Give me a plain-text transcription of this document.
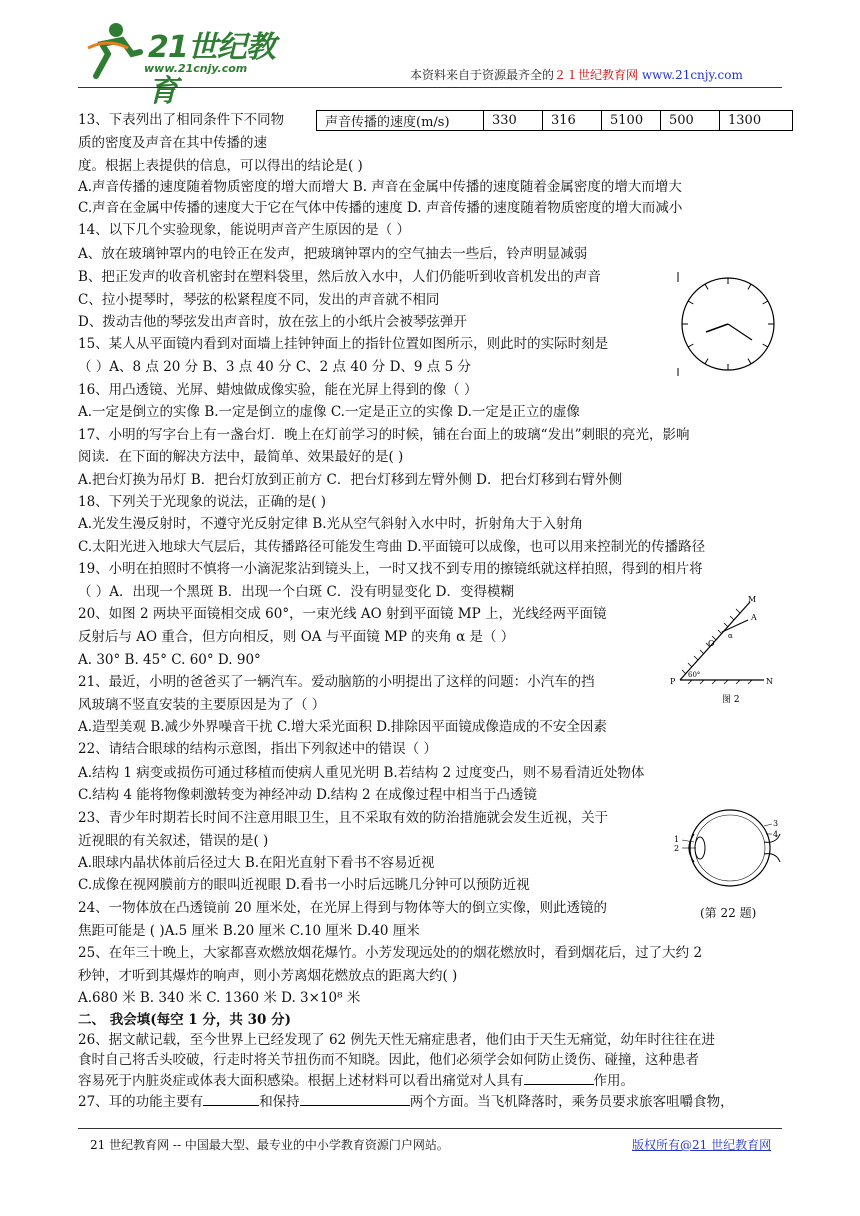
21世纪教育
www.21cnjy.com	本资料来自于资源最齐全的２１世纪教育网 www.21cnjy.com
声音传播的速度(m/s)	330	316	5100	500	1300
13、下表列出了相同条件下不同物
质的密度及声音在其中传播的速
度。根据上表提供的信息，可以得出的结论是( )
A.声音传播的速度随着物质密度的增大而增大 B. 声音在金属中传播的速度随着金属密度的增大而增大
C.声音在金属中传播的速度大于它在气体中传播的速度 D. 声音传播的速度随着物质密度的增大而减小
14、以下几个实验现象，能说明声音产生原因的是（ ）
A、放在玻璃钟罩内的电铃正在发声，把玻璃钟罩内的空气抽去一些后，铃声明显减弱
B、把正发声的收音机密封在塑料袋里，然后放入水中，人们仍能听到收音机发出的声音
C、拉小提琴时，琴弦的松紧程度不同，发出的声音就不相同
D、拨动吉他的琴弦发出声音时，放在弦上的小纸片会被琴弦弹开
15、某人从平面镜内看到对面墙上挂钟钟面上的指针位置如图所示，则此时的实际时刻是
（ ）A、8 点 20 分 B、3 点 40 分 C、2 点 40 分 D、9 点 5 分
16、用凸透镜、光屏、蜡烛做成像实验，能在光屏上得到的像（ ）
A.一定是倒立的实像 B.一定是倒立的虚像 C.一定是正立的实像 D.一定是正立的虚像
17、小明的写字台上有一盏台灯．晚上在灯前学习的时候，铺在台面上的玻璃“发出”刺眼的亮光，影响
阅读．在下面的解决方法中，最简单、效果最好的是( )
A.把台灯换为吊灯 B．把台灯放到正前方 C．把台灯移到左臂外侧 D．把台灯移到右臂外侧
18、下列关于光现象的说法，正确的是( )
A.光发生漫反射时，不遵守光反射定律 B.光从空气斜射入水中时，折射角大于入射角
C.太阳光进入地球大气层后，其传播路径可能发生弯曲 D.平面镜可以成像，也可以用来控制光的传播路径
19、小明在拍照时不慎将一小滴泥浆沾到镜头上，一时又找不到专用的擦镜纸就这样拍照，得到的相片将
（ ）A．出现一个黑斑 B．出现一个白斑 C．没有明显变化 D．变得模糊
20、如图 2 两块平面镜相交成 60°，一束光线 AO 射到平面镜 MP 上，光线经两平面镜
反射后与 AO 重合，但方向相反，则 OA 与平面镜 MP 的夹角 α 是（ ）
A. 30° B. 45° C. 60° D. 90°
21、最近，小明的爸爸买了一辆汽车。爱动脑筋的小明提出了这样的问题：小汽车的挡
风玻璃不竖直安装的主要原因是为了（ ）
A.造型美观 B.减少外界噪音干扰 C.增大采光面积 D.排除因平面镜成像造成的不安全因素
22、请结合眼球的结构示意图，指出下列叙述中的错误（ ）
A.结构 1 病变或损伤可通过移植而使病人重见光明 B.若结构 2 过度变凸，则不易看清近处物体
C.结构 4 能将物像刺激转变为神经冲动 D.结构 2 在成像过程中相当于凸透镜
23、青少年时期若长时间不注意用眼卫生，且不采取有效的防治措施就会发生近视，关于
近视眼的有关叙述，错误的是( )
A.眼球内晶状体前后径过大 B.在阳光直射下看书不容易近视
C.成像在视网膜前方的眼叫近视眼 D.看书一小时后远眺几分钟可以预防近视
24、一物体放在凸透镜前 20 厘米处，在光屏上得到与物体等大的倒立实像，则此透镜的
焦距可能是 ( )A.5 厘米 B.20 厘米 C.10 厘米 D.40 厘米
25、在年三十晚上，大家都喜欢燃放烟花爆竹。小芳发现远处的的烟花燃放时，看到烟花后，过了大约 2
秒钟，才听到其爆炸的响声，则小芳离烟花燃放点的距离大约( )
A.680 米 B. 340 米 C. 1360 米 D. 3×10⁸ 米
二、 我会填(每空 1 分，共 30 分)
26、据文献记载，至今世界上已经发现了 62 例先天性无痛症患者，他们由于天生无痛觉，幼年时往往在进
食时自己将舌头咬破，行走时将关节扭伤而不知晓。因此，他们必须学会如何防止烫伤、碰撞，这种患者
容易死于内脏炎症或体表大面积感染。根据上述材料可以看出痛觉对人具有	作用。
27、耳的功能主要有	和保持	两个方面。当飞机降落时，乘务员要求旅客咀嚼食物，
M
A
α
O
P
60°
N
图 2
1
2
3
4
(第 22 题)
21 世纪教育网 -- 中国最大型、最专业的中小学教育资源门户网站。	版权所有@21 世纪教育网
